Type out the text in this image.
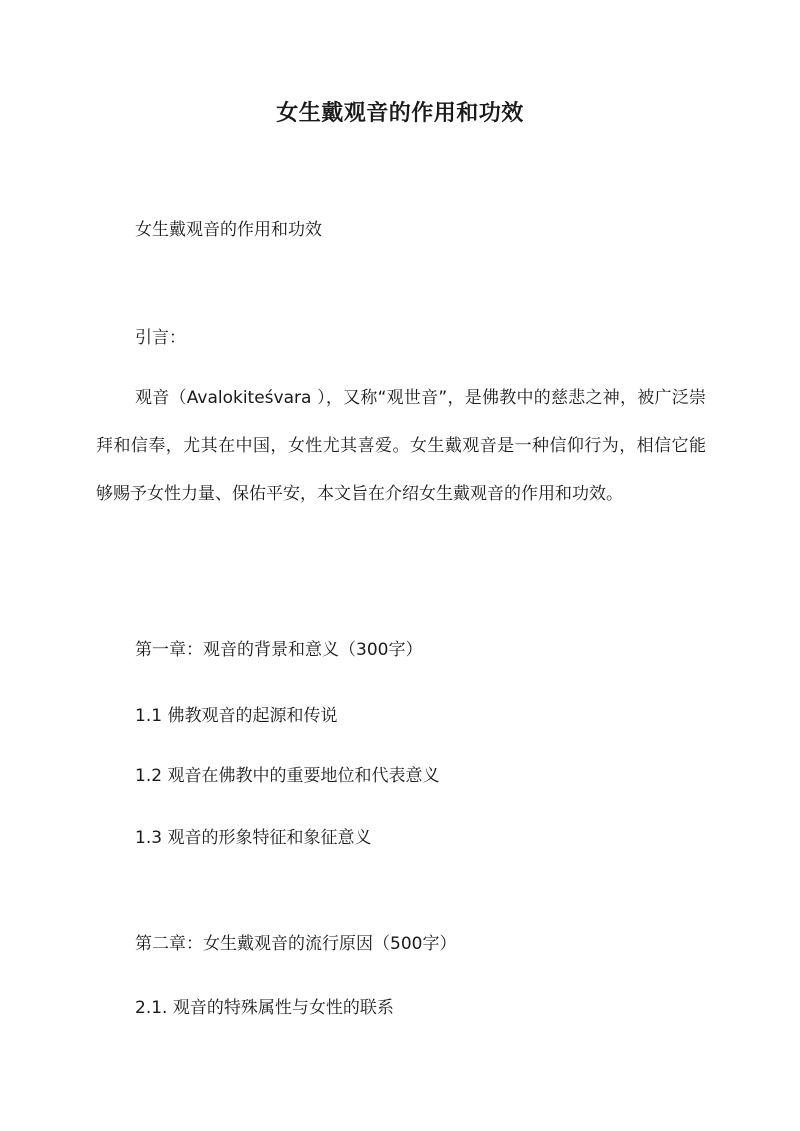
女生戴观音的作用和功效
女生戴观音的作用和功效
引言：
观音（Avalokiteśvara ），又称“观世音”，是佛教中的慈悲之神，被广泛崇拜和信奉，尤其在中国，女性尤其喜爱。女生戴观音是一种信仰行为，相信它能够赐予女性力量、保佑平安，本文旨在介绍女生戴观音的作用和功效。
第一章：观音的背景和意义（300字）
1.1 佛教观音的起源和传说
1.2 观音在佛教中的重要地位和代表意义
1.3 观音的形象特征和象征意义
第二章：女生戴观音的流行原因（500字）
2.1. 观音的特殊属性与女性的联系
